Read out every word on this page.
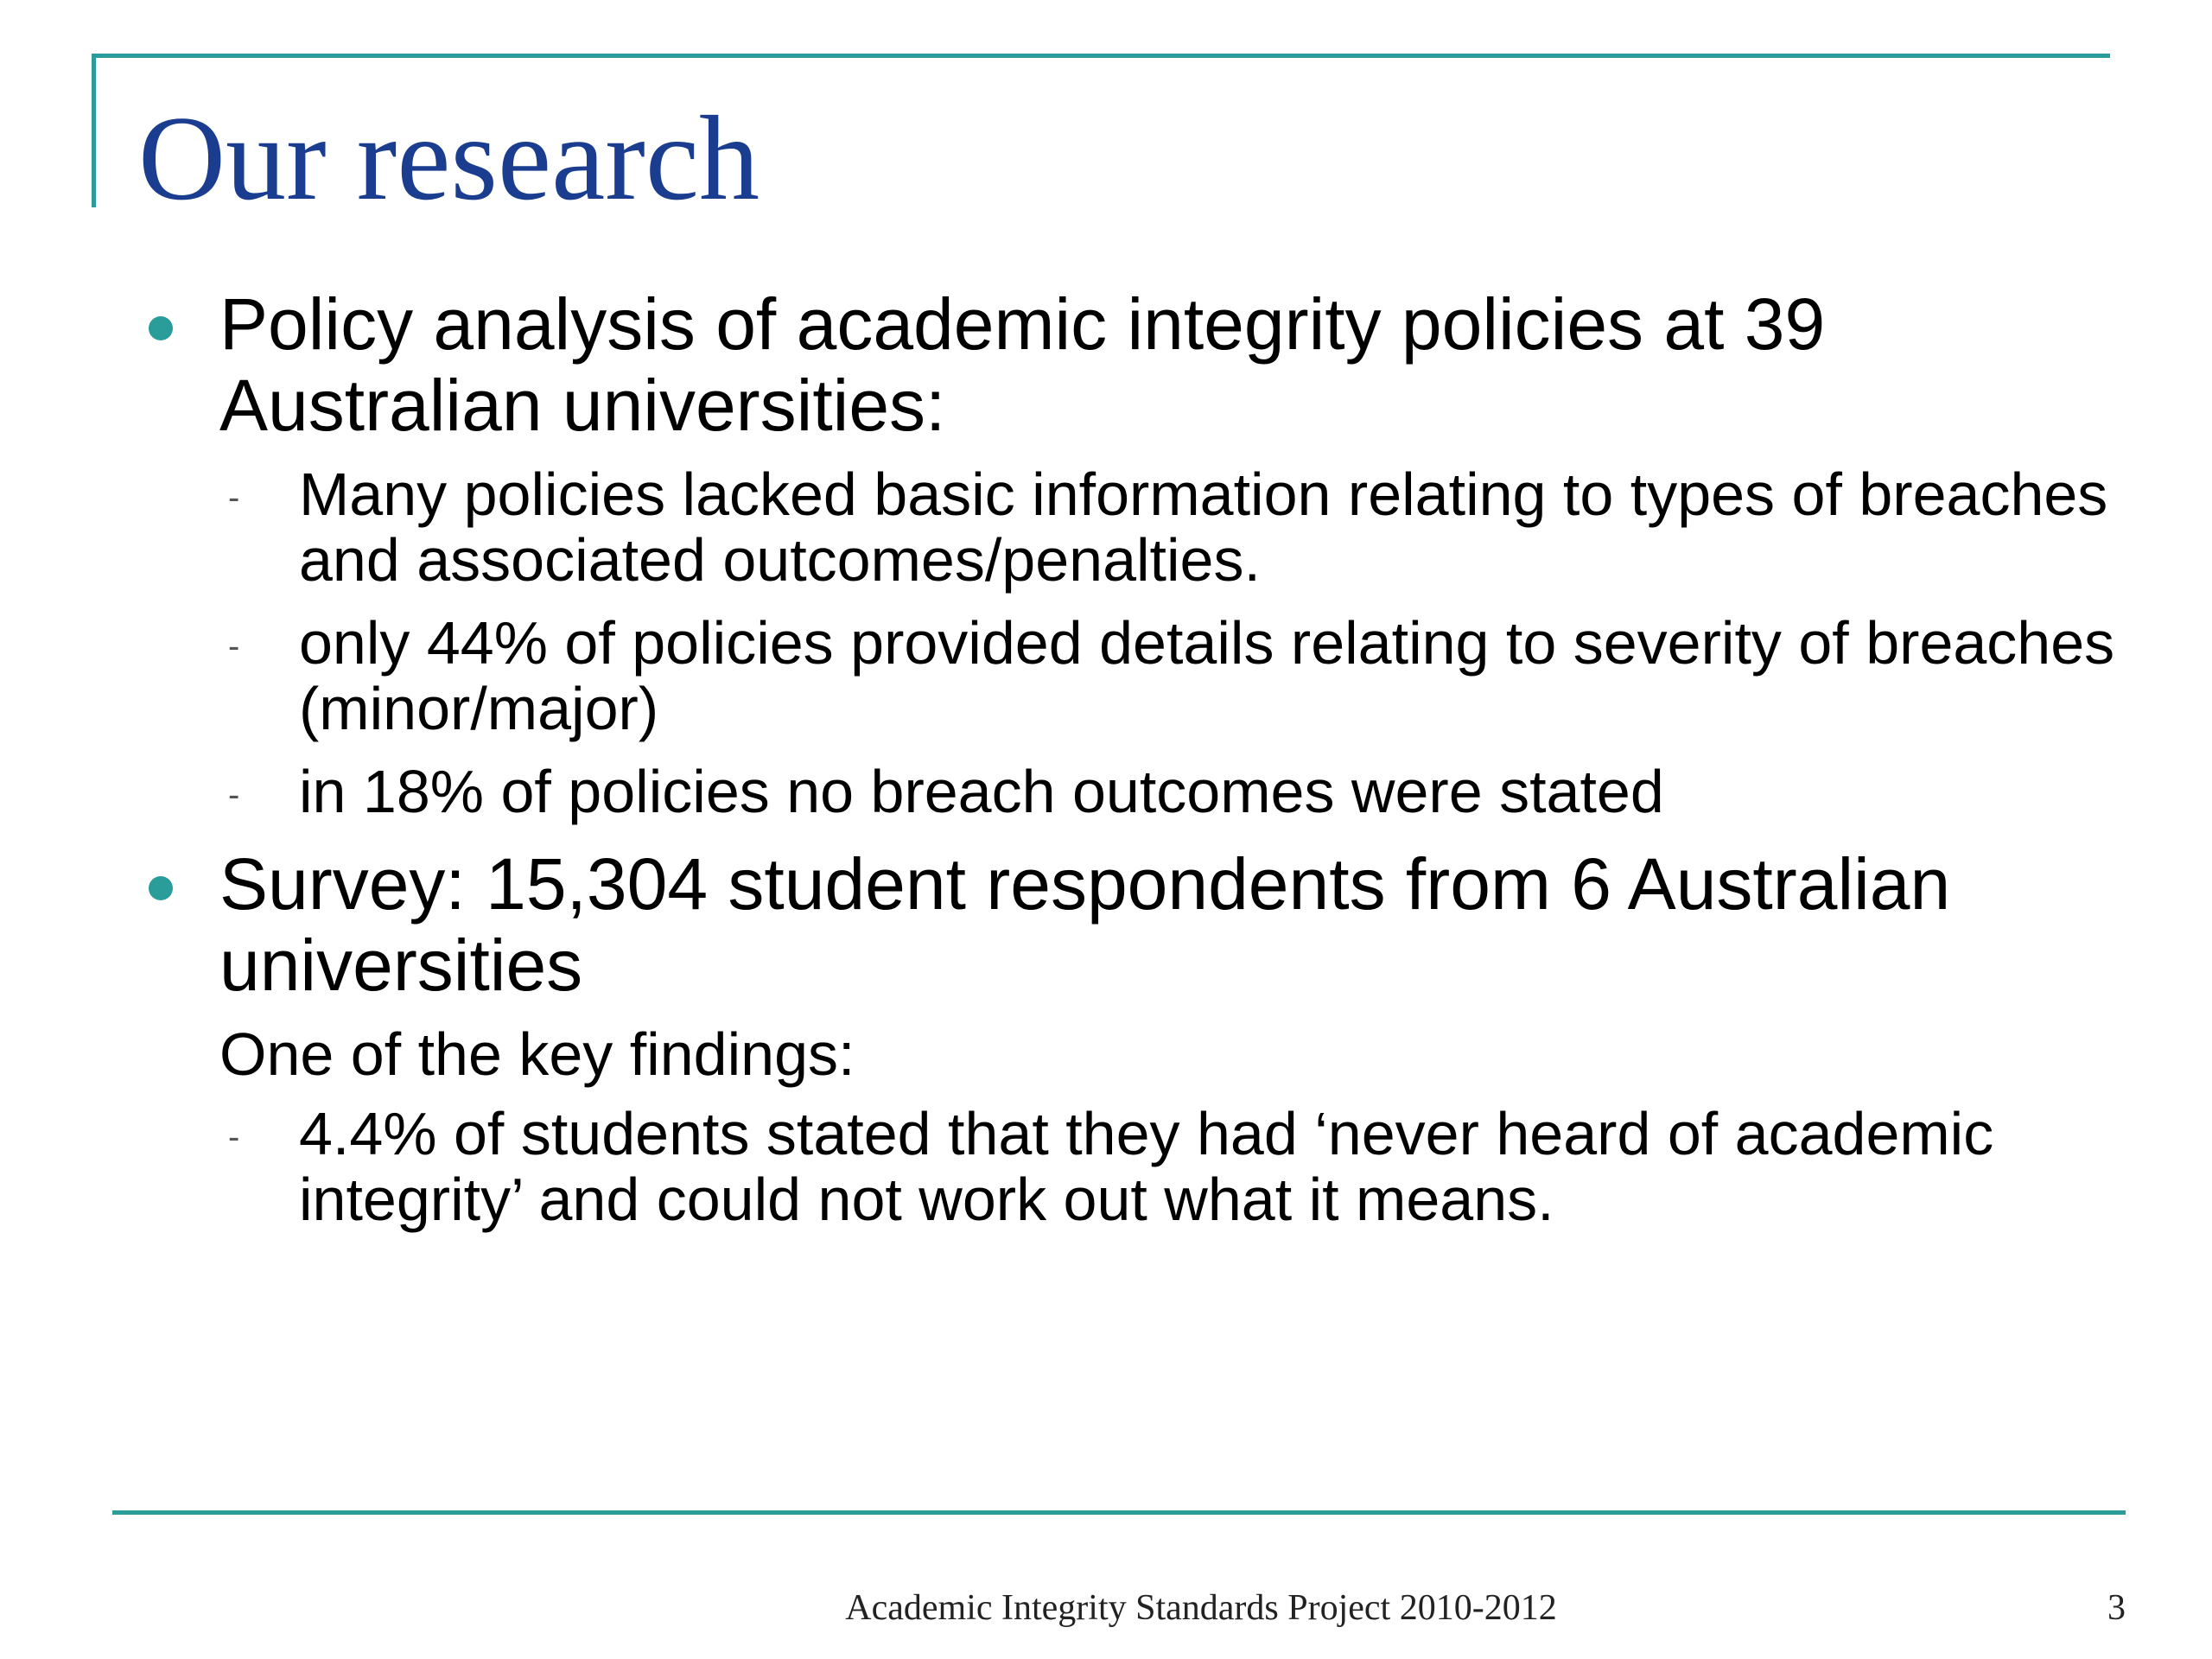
Our research

Policy analysis of academic integrity policies at 39 Australian universities:

- Many policies lacked basic information relating to types of breaches and associated outcomes/penalties.

- only 44% of policies provided details relating to severity of breaches (minor/major)

- in 18% of policies no breach outcomes were stated

Survey: 15,304 student respondents from 6 Australian universities

One of the key findings:

- 4.4% of students stated that they had ‘never heard of academic integrity’ and could not work out what it means.

Academic Integrity Standards Project 2010-2012	3
